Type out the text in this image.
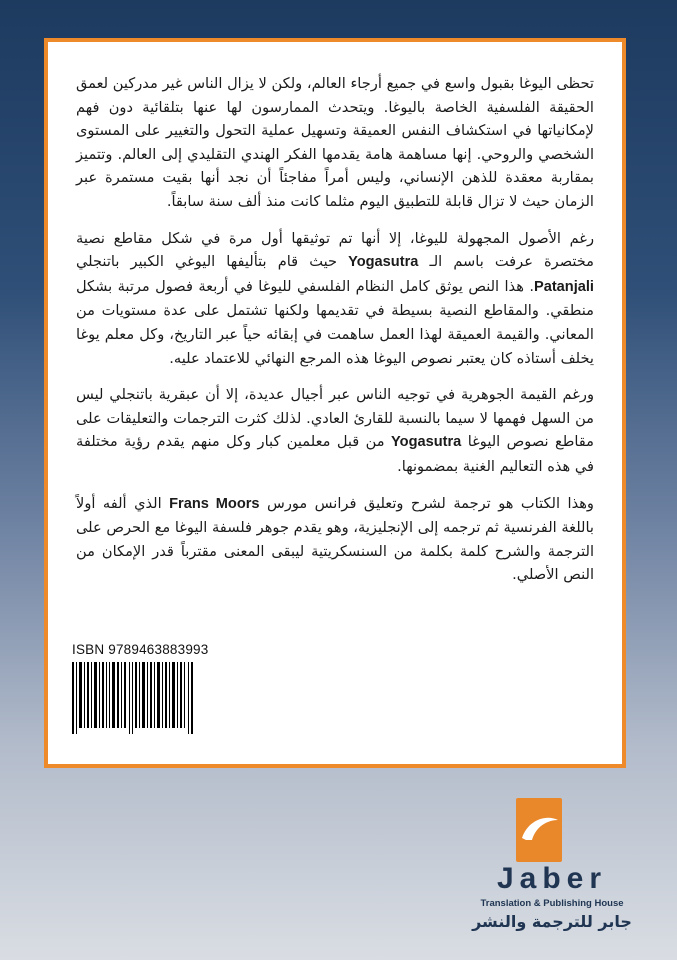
تحظى اليوغا بقبول واسع في جميع أرجاء العالم، ولكن لا يزال الناس غير مدركين لعمق الحقيقة الفلسفية الخاصة باليوغا. ويتحدث الممارسون لها عنها بتلقائية دون فهم لإمكانياتها في استكشاف النفس العميقة وتسهيل عملية التحول والتغيير على المستوى الشخصي والروحي. إنها مساهمة هامة يقدمها الفكر الهندي التقليدي إلى العالم. وتتميز بمقاربة معقدة للذهن الإنساني، وليس أمراً مفاجئاً أن نجد أنها بقيت مستمرة عبر الزمان حيث لا تزال قابلة للتطبيق اليوم مثلما كانت منذ ألف سنة سابقاً.

رغم الأصول المجهولة لليوغا، إلا أنها تم توثيقها أول مرة في شكل مقاطع نصية مختصرة عرفت باسم الـ Yogasutra حيث قام بتأليفها اليوغي الكبير باتنجلي Patanjali. هذا النص يوثق كامل النظام الفلسفي لليوغا في أربعة فصول مرتبة بشكل منطقي. والمقاطع النصية بسيطة في تقديمها ولكنها تشتمل على عدة مستويات من المعاني. والقيمة العميقة لهذا العمل ساهمت في إبقائه حياً عبر التاريخ، وكل معلم يوغا يخلف أستاذه كان يعتبر نصوص اليوغا هذه المرجع النهائي للاعتماد عليه.

ورغم القيمة الجوهرية في توجيه الناس عبر أجيال عديدة، إلا أن عبقرية باتنجلي ليس من السهل فهمها لا سيما بالنسبة للقارئ العادي. لذلك كثرت الترجمات والتعليقات على مقاطع نصوص اليوغا Yogasutra من قبل معلمين كبار وكل منهم يقدم رؤية مختلفة في هذه التعاليم الغنية بمضمونها.

وهذا الكتاب هو ترجمة لشرح وتعليق فرانس مورس Frans Moors الذي ألفه أولاً باللغة الفرنسية ثم ترجمه إلى الإنجليزية، وهو يقدم جوهر فلسفة اليوغا مع الحرص على الترجمة والشرح كلمة بكلمة من السنسكريتية ليبقى المعنى مقترباً قدر الإمكان من النص الأصلي.

ISBN 9789463883993
Jaber
Translation & Publishing House
جابر للترجمة والنشر
